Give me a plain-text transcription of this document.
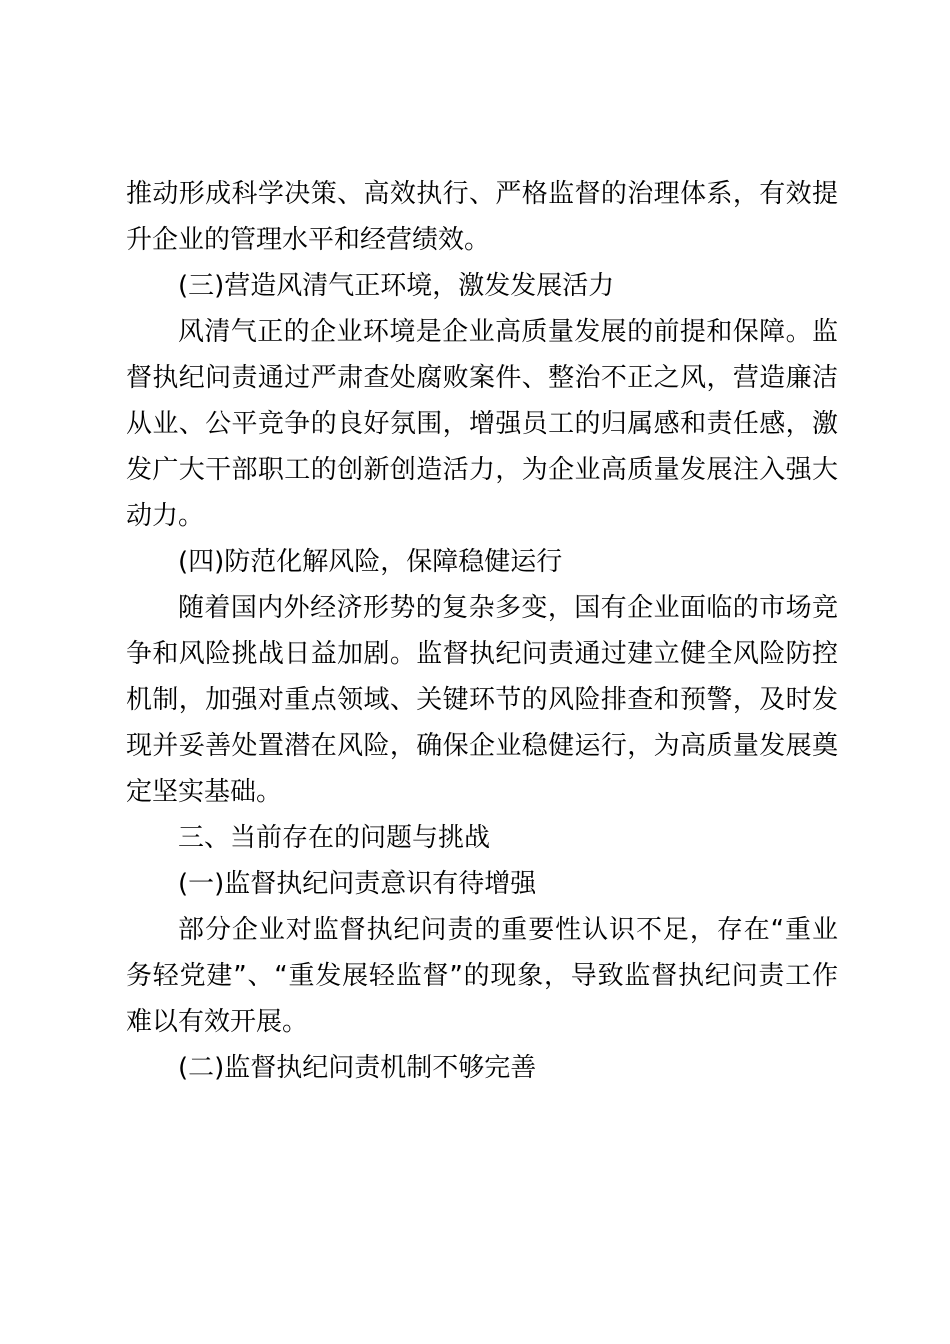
推动形成科学决策、高效执行、严格监督的治理体系，有效提升企业的管理水平和经营绩效。

(三)营造风清气正环境，激发发展活力

风清气正的企业环境是企业高质量发展的前提和保障。监督执纪问责通过严肃查处腐败案件、整治不正之风，营造廉洁从业、公平竞争的良好氛围，增强员工的归属感和责任感，激发广大干部职工的创新创造活力，为企业高质量发展注入强大动力。

(四)防范化解风险，保障稳健运行

随着国内外经济形势的复杂多变，国有企业面临的市场竞争和风险挑战日益加剧。监督执纪问责通过建立健全风险防控机制，加强对重点领域、关键环节的风险排查和预警，及时发现并妥善处置潜在风险，确保企业稳健运行，为高质量发展奠定坚实基础。

三、当前存在的问题与挑战

(一)监督执纪问责意识有待增强

部分企业对监督执纪问责的重要性认识不足，存在“重业务轻党建”、“重发展轻监督”的现象，导致监督执纪问责工作难以有效开展。

(二)监督执纪问责机制不够完善
